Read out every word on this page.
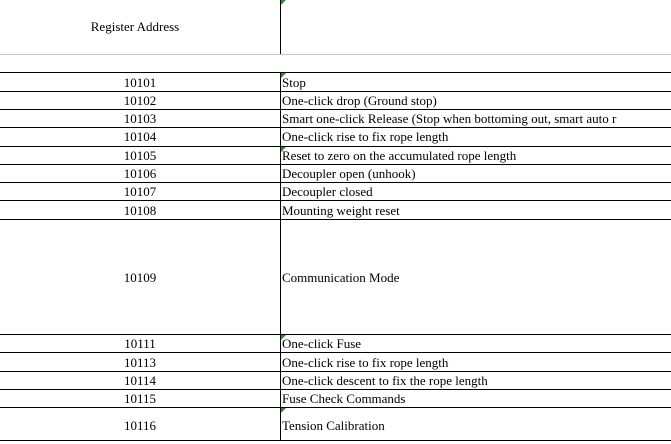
Register Address
10101	Stop
10102	One-click drop (Ground stop)
10103	Smart one-click Release (Stop when bottoming out, smart auto r
10104	One-click rise to fix rope length
10105	Reset to zero on the accumulated rope length
10106	Decoupler open (unhook)
10107	Decoupler closed
10108	Mounting weight reset
10109	Communication Mode
10111	One-click Fuse
10113	One-click rise to fix rope length
10114	One-click descent to fix the rope length
10115	Fuse Check Commands
10116	Tension Calibration
